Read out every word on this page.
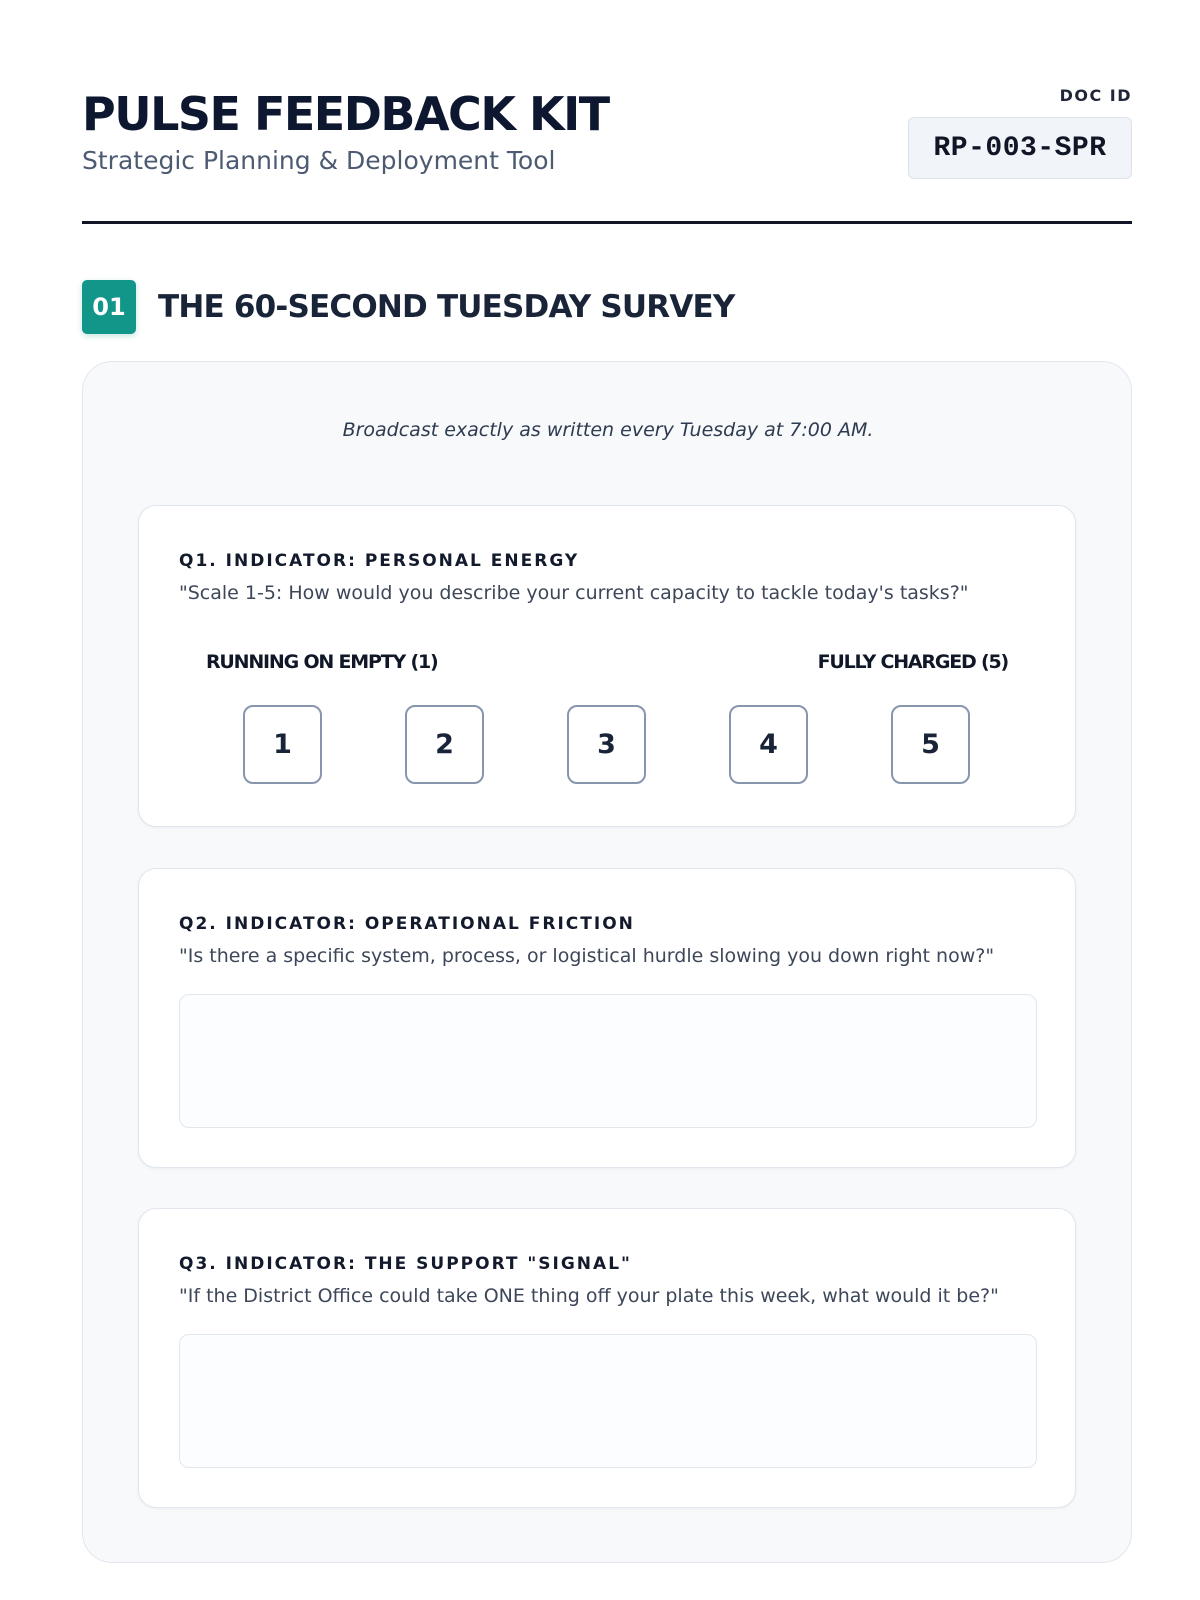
PULSE FEEDBACK KIT
Strategic Planning & Deployment Tool
DOC ID
RP-003-SPR
01	THE 60-SECOND TUESDAY SURVEY
Broadcast exactly as written every Tuesday at 7:00 AM.
Q1. INDICATOR: PERSONAL ENERGY
"Scale 1-5: How would you describe your current capacity to tackle today's tasks?"
RUNNING ON EMPTY (1)	FULLY CHARGED (5)
1	2	3	4	5
Q2. INDICATOR: OPERATIONAL FRICTION
"Is there a specific system, process, or logistical hurdle slowing you down right now?"
Q3. INDICATOR: THE SUPPORT "SIGNAL"
"If the District Office could take ONE thing off your plate this week, what would it be?"
